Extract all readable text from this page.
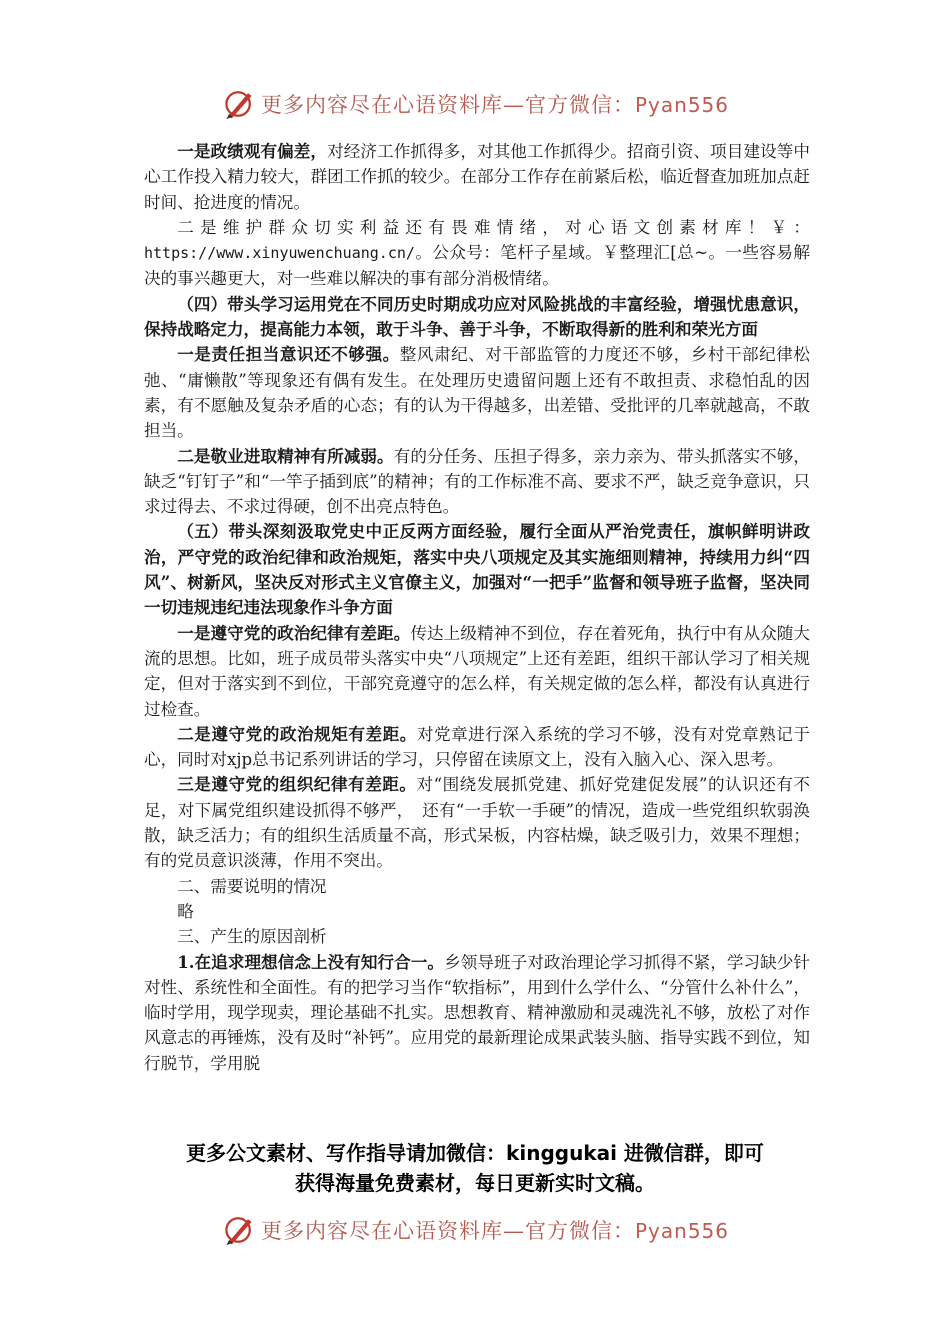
更多内容尽在心语资料库—官方微信：Pyan556

一是政绩观有偏差，对经济工作抓得多，对其他工作抓得少。招商引资、项目建设等中心工作投入精力较大，群团工作抓的较少。在部分工作存在前紧后松，临近督查加班加点赶时间、抢进度的情况。

二是维护群众切实利益还有畏难情绪，对心语文创素材库！￥：https://www.xinyuwenchuang.cn/。公众号：笔杆子星域。￥整理汇[总~。一些容易解决的事兴趣更大，对一些难以解决的事有部分消极情绪。

（四）带头学习运用党在不同历史时期成功应对风险挑战的丰富经验，增强忧患意识，保持战略定力，提高能力本领，敢于斗争、善于斗争，不断取得新的胜利和荣光方面

一是责任担当意识还不够强。整风肃纪、对干部监管的力度还不够，乡村干部纪律松弛、“庸懒散”等现象还有偶有发生。在处理历史遗留问题上还有不敢担责、求稳怕乱的因素，有不愿触及复杂矛盾的心态；有的认为干得越多，出差错、受批评的几率就越高，不敢担当。

二是敬业进取精神有所减弱。有的分任务、压担子得多，亲力亲为、带头抓落实不够，缺乏“钉钉子”和“一竿子插到底”的精神；有的工作标准不高、要求不严，缺乏竞争意识，只求过得去、不求过得硬，创不出亮点特色。

（五）带头深刻汲取党史中正反两方面经验，履行全面从严治党责任，旗帜鲜明讲政治，严守党的政治纪律和政治规矩，落实中央八项规定及其实施细则精神，持续用力纠“四风”、树新风，坚决反对形式主义官僚主义，加强对“一把手”监督和领导班子监督，坚决同一切违规违纪违法现象作斗争方面

一是遵守党的政治纪律有差距。传达上级精神不到位，存在着死角，执行中有从众随大流的思想。比如，班子成员带头落实中央“八项规定”上还有差距，组织干部认学习了相关规定，但对于落实到不到位，干部究竟遵守的怎么样，有关规定做的怎么样，都没有认真进行过检查。

二是遵守党的政治规矩有差距。对党章进行深入系统的学习不够，没有对党章熟记于心，同时对xjp总书记系列讲话的学习，只停留在读原文上，没有入脑入心、深入思考。

三是遵守党的组织纪律有差距。对“围绕发展抓党建、抓好党建促发展”的认识还有不足，对下属党组织建设抓得不够严，　还有“一手软一手硬”的情况，造成一些党组织软弱涣散，缺乏活力；有的组织生活质量不高，形式呆板，内容枯燥，缺乏吸引力，效果不理想；有的党员意识淡薄，作用不突出。

二、需要说明的情况

略

三、产生的原因剖析

1.在追求理想信念上没有知行合一。乡领导班子对政治理论学习抓得不紧，学习缺少针对性、系统性和全面性。有的把学习当作“软指标”，用到什么学什么、“分管什么补什么”，临时学用，现学现卖，理论基础不扎实。思想教育、精神激励和灵魂洗礼不够，放松了对作风意志的再锤炼，没有及时“补钙”。应用党的最新理论成果武装头脑、指导实践不到位，知行脱节，学用脱

更多公文素材、写作指导请加微信：kinggukai 进微信群，即可
获得海量免费素材，每日更新实时文稿。
更多内容尽在心语资料库—官方微信：Pyan556
